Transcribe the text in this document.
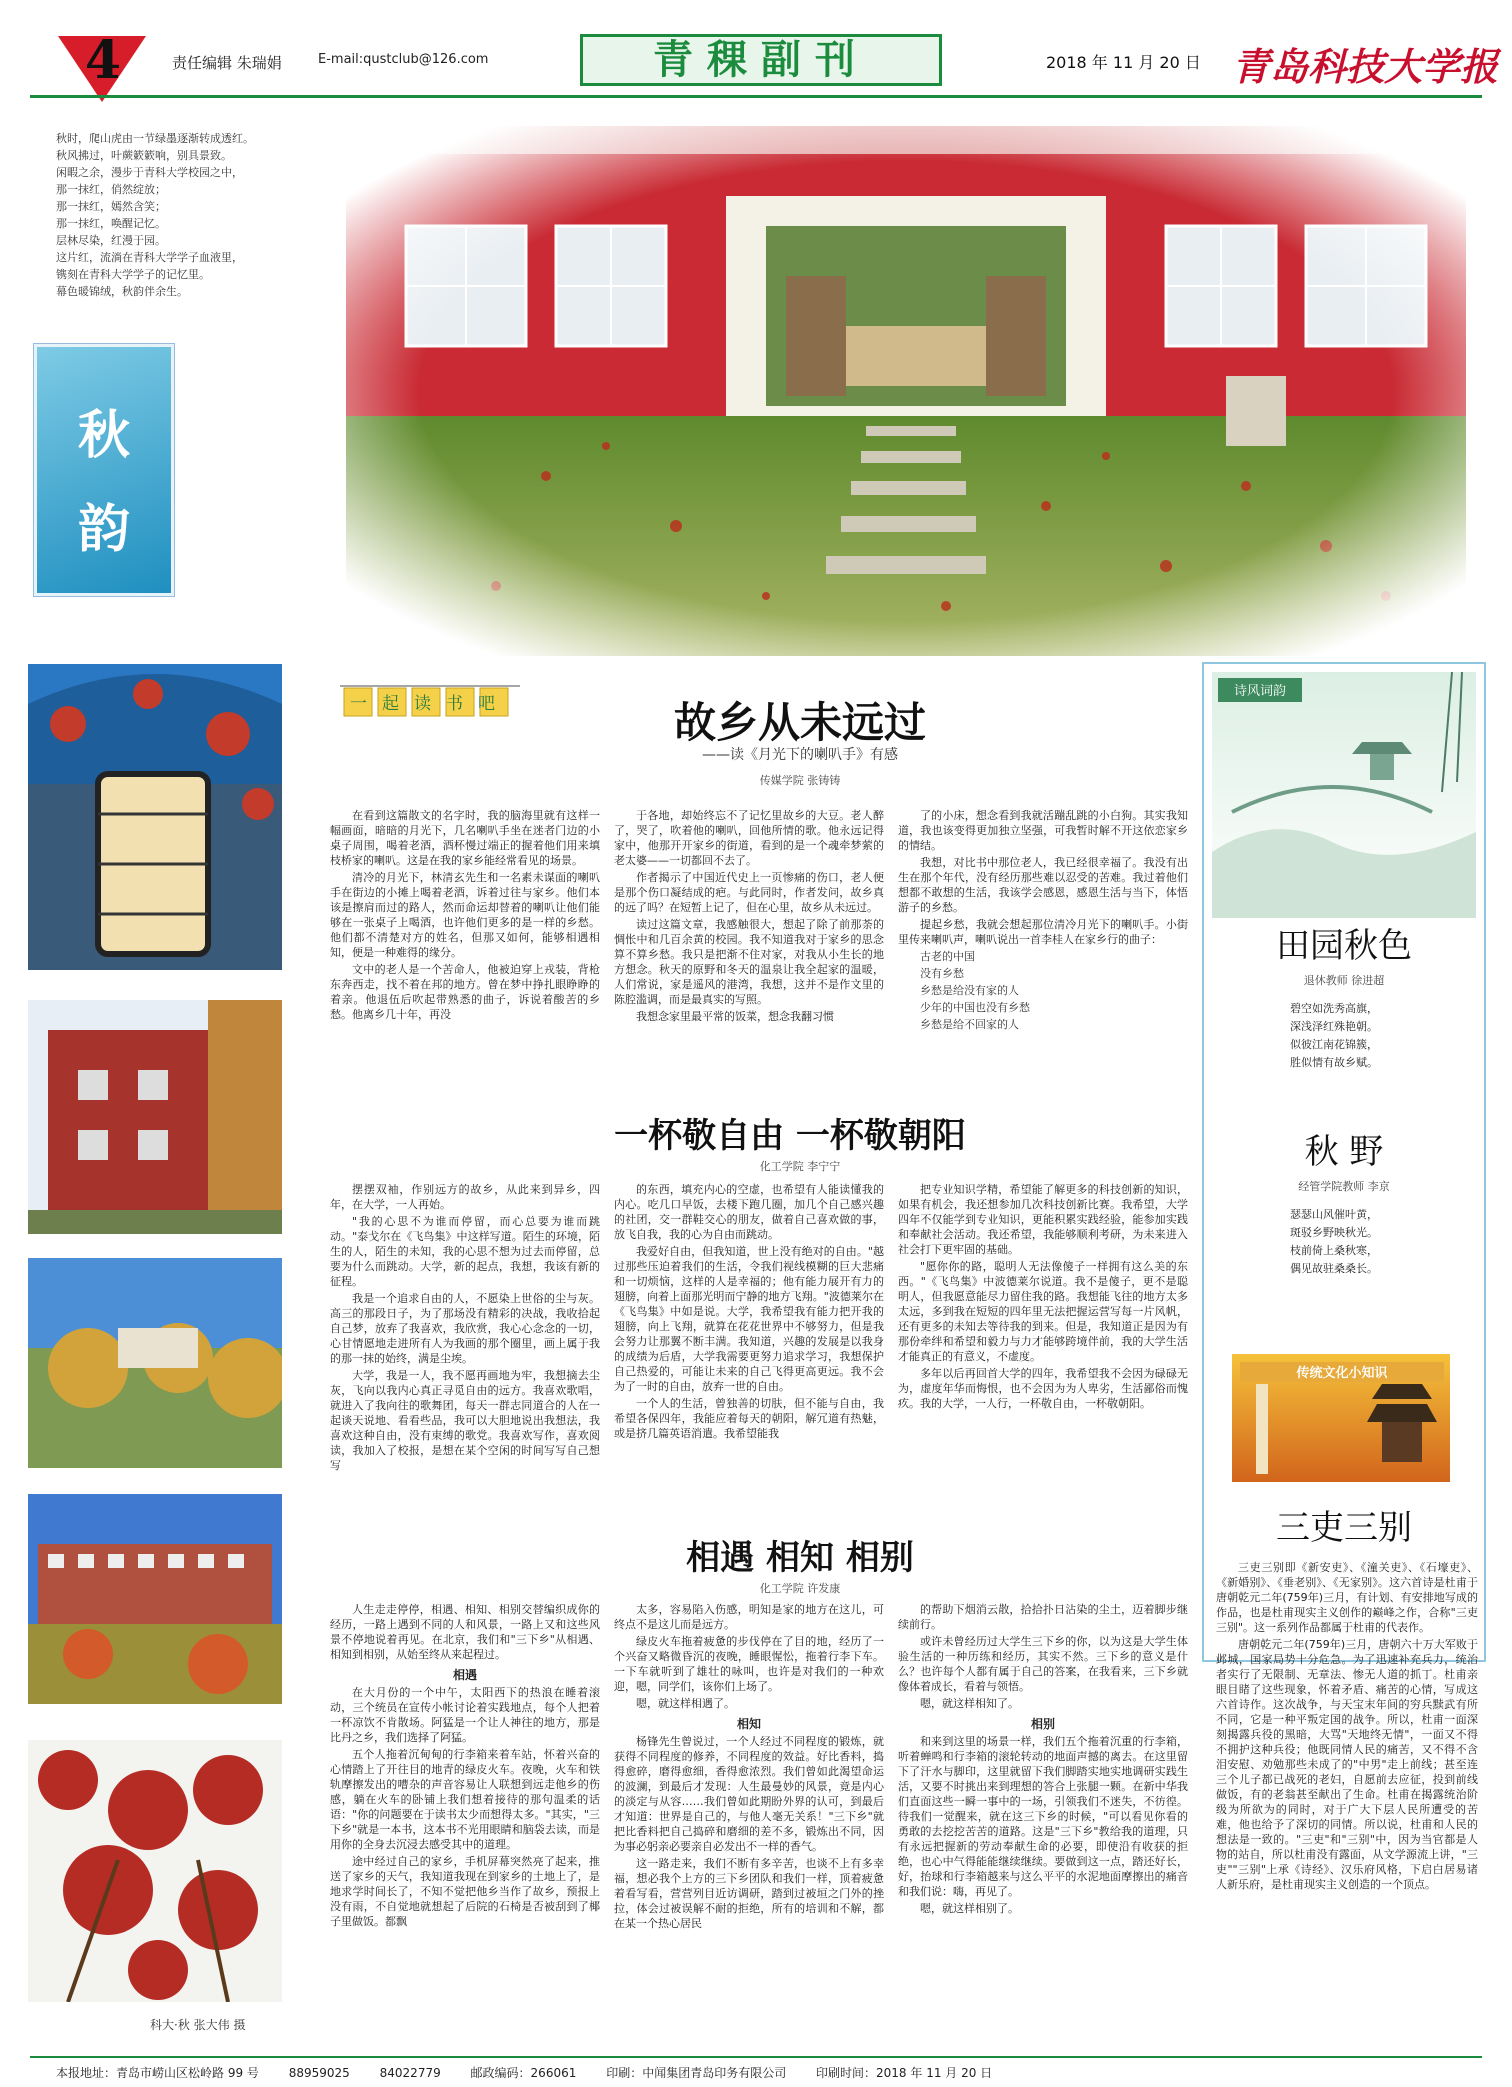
4	责任编辑 朱瑞娟	E-mail:qustclub@126.com	青稞副刊	2018 年 11 月 20 日 青岛科技大学报

秋时，爬山虎由一节绿墨逐渐转成透红。

秋风拂过，叶蕨簌簌响，别具景致。

闲暇之余，漫步于青科大学校园之中，

那一抹红，俏然绽放；

那一抹红，嫣然含笑；

那一抹红，唤醒记忆。

层林尽染，红漫于园。

这片红，流淌在青科大学学子血液里，

镌刻在青科大学学子的记忆里。

幕色暖锦绒，秋韵伴余生。

秋
韵
科大·秋 张大伟 摄
一起读书吧	故乡从未远过
——读《月光下的喇叭手》有感
传媒学院 张铸铸

在看到这篇散文的名字时，我的脑海里就有这样一幅画面，暗暗的月光下，几名喇叭手坐在迷者门边的小桌子周围，喝着老酒，酒杯慢过端正的握着他们用来填枝桥家的喇叭。这是在我的家乡能经常看见的场景。

清冷的月光下，林清玄先生和一名素未谋面的喇叭手在街边的小摊上喝着老酒，诉着过往与家乡。他们本该是擦肩而过的路人，然而命运却替着的喇叭让他们能够在一张桌子上喝酒，也许他们更多的是一样的乡愁。他们都不清楚对方的姓名，但那又如何，能够相遇相知，便是一种难得的缘分。

文中的老人是一个苦命人，他被迫穿上戎装，背枪东奔西走，找不着在邦的地方。曾在梦中挣扎眼睁睁的着亲。他退伍后吹起带熟悉的曲子，诉说着酸苦的乡愁。他离乡几十年，再没

于各地，却始终忘不了记忆里故乡的大豆。老人醉了，哭了，吹着他的喇叭，回他所情的歌。他永远记得家中，他那开开家乡的街道，看到的是一个魂牵梦萦的老太婆——一切都回不去了。

作者揭示了中国近代史上一页惨痛的伤口，老人便是那个伤口凝结成的疤。与此同时，作者发问，故乡真的远了吗？在短暂上记了，但在心里，故乡从未远过。

读过这篇文章，我感触很大，想起了除了前那荼的惆怅中和几百余黄的校园。我不知道我对于家乡的思念算不算乡愁。我只是把渐不住对家，对我从小生长的地方想念。秋天的原野和冬天的温泉让我全起家的温暖，人们常说，家是遥风的港湾，我想，这并不是作文里的陈腔滥调，而是最真实的写照。

我想念家里最平常的饭菜，想念我翻习惯

了的小床，想念看到我就活蹦乱跳的小白狗。其实我知道，我也该变得更加独立坚强，可我暂时解不开这依恋家乡的情结。

我想，对比书中那位老人，我已经很幸福了。我没有出生在那个年代，没有经历那些难以忍受的苦难。我过着他们想都不敢想的生活，我该学会感恩，感恩生活与当下，体悟游子的乡愁。

提起乡愁，我就会想起那位清冷月光下的喇叭手。小街里传来喇叭声，喇叭说出一首李桂人在家乡行的曲子：

古老的中国

没有乡愁

乡愁是给没有家的人

少年的中国也没有乡愁

乡愁是给不回家的人

一杯敬自由 一杯敬朝阳
化工学院 李宁宁

摆摆双袖，作别远方的故乡，从此来到异乡，四年，在大学，一人再始。

"我的心思不为谁而停留，而心总要为谁而跳动。"泰戈尔在《飞鸟集》中这样写道。陌生的环境，陌生的人，陌生的未知，我的心思不想为过去而停留，总要为什么而跳动。大学，新的起点，我想，我该有新的征程。

我是一个追求自由的人，不愿染上世俗的尘与灰。高三的那段日子，为了那场没有精彩的决战，我收拾起自己梦，放弃了我喜欢，我欣赏，我心心念念的一切，心甘情愿地走进所有人为我画的那个圈里，画上属于我的那一抹的始终，满是尘埃。

大学，我是一人，我不愿再画地为牢，我想摘去尘灰，飞向以我内心真正寻觅自由的远方。我喜欢歌唱，就进入了我向往的歌舞团，每天一群志同道合的人在一起谈天说地、看看些品，我可以大胆地说出我想法，我喜欢这种自由，没有束缚的歌党。我喜欢写作，喜欢阅读，我加入了校报，是想在某个空闲的时间写写自己想写

的东西，填充内心的空虚，也希望有人能读懂我的内心。吃几口早饭，去楼下跑几圈，加几个自己感兴趣的社团，交一群鞋交心的朋友，做着自己喜欢做的事，放飞自我，我的心为自由而跳动。

我爱好自由，但我知道，世上没有绝对的自由。"越过那些压迫着我们的生活，令我们视线模糊的巨大悲痛和一切烦恼，这样的人是幸福的；他有能力展开有力的翅膀，向着上面那光明而宁静的地方飞翔。"波德莱尔在《飞鸟集》中如是说。大学，我希望我有能力把开我的翅膀，向上飞翔，就算在花花世界中不够努力，但是我会努力让那翼不断丰满。我知道，兴趣的发展是以我身的成绩为后盾，大学我需要更努力追求学习，我想保护自己热爱的，可能让未来的自己飞得更高更远。我不会为了一时的自由，放弃一世的自由。

一个人的生活，曾独善的切肤，但不能与自由，我希望各保四年，我能应着每天的朝阳，解冗道有热魅，或是挤几篇英语消遣。我希望能我

把专业知识学精，希望能了解更多的科技创新的知识，如果有机会，我还想参加几次科技创新比赛。我希望，大学四年不仅能学到专业知识，更能积累实践经验，能参加实践和奉献社会活动。我还希望，我能够顺利考研，为未来进入社会打下更牢固的基础。

"愿你你的路，聪明人无法像傻子一样拥有这么美的东西。"《飞鸟集》中波德莱尔说道。我不是傻子，更不是聪明人，但我愿意能尽力留住我的路。我想能飞往的地方太多太远，多到我在短短的四年里无法把握运营写每一片风帆，还有更多的未知去等待我的到来。但是，我知道正是因为有那份牵绊和希望和毅力与力才能够跨境伴前，我的大学生活才能真正的有意义，不虚度。

多年以后再回首大学的四年，我希望我不会因为碌碌无为，虚度年华而悔恨，也不会因为为人卑劣，生活鄙俗而愧疚。我的大学，一人行，一杯敬自由，一杯敬朝阳。

相遇 相知 相别
化工学院 许发康

人生走走停停，相遇、相知、相别交替编织成你的经历，一路上遇到不同的人和风景，一路上又和这些风景不停地说着再见。在北京，我们和"三下乡"从相遇、相知到相别，从始至终从来起程过。

相遇

在大月份的一个中午，太阳西下的热浪在睡着滚动，三个统员在宣传小帐讨论着实践地点，每个人把着一杯凉饮不肯散场。阿猛是一个让人神往的地方，那是比丹之乡，我们选择了阿猛。

五个人拖着沉甸甸的行李箱来着车站，怀着兴奋的心情踏上了开往目的地青的绿皮火车。夜晚，火车和铁轨摩擦发出的嘈杂的声音容易让人联想到远走他乡的伤感，躺在火车的卧铺上我们想着接待的那句温柔的话语："你的问题要在于读书太少而想得太多。"其实，"三下乡"就是一本书，这本书不光用眼睛和脑袋去读，而是用你的全身去沉浸去感受其中的道理。

途中经过自己的家乡，手机屏幕突然亮了起来，推送了家乡的天气，我知道我现在到家乡的土地上了，是地求学时间长了，不知不觉把他乡当作了故乡，预报上没有雨，不自觉地就想起了后院的石椅是否被刮到了椰子里做饭。都飘

太多，容易陷入伤感，明知是家的地方在这儿，可终点不是这儿而是远方。

绿皮火车拖着疲惫的步伐停在了目的地，经历了一个兴奋又略微昏沉的夜晚，睡眼惺忪，拖着行李下车。一下车就听到了雄壮的咏叫，也许是对我们的一种欢迎，嗯，同学们，该你们上场了。

嗯，就这样相遇了。

相知

杨锋先生曾说过，一个人经过不同程度的锻炼，就获得不同程度的修养，不同程度的效益。好比香料，捣得愈碎，磨得愈细，香得愈浓烈。我们曾如此渴望命运的波澜，到最后才发现：人生最曼妙的风景，竟是内心的淡定与从容……我们曾如此期盼外界的认可，到最后才知道：世界是自己的，与他人毫无关系！"三下乡"就把比香料把自己捣碎和磨细的差不多，锻炼出不同，因为事必躬亲必要亲自必发出不一样的香气。

这一路走来，我们不断有多辛苦，也谈不上有多幸福，想必我个上方的三下乡团队和我们一样，顶着疲惫着看写看，营营列目近访调研，踏到过被垣之门外的挫拉，体会过被误解不耐的拒绝，所有的培训和不解，都在某一个热心居民

的帮助下烟消云散，拾拾扑日沾染的尘土，迈着脚步继续前行。

或许未曾经历过大学生三下乡的你，以为这是大学生体验生活的一种历练和经历，其实不然。三下乡的意义是什么？也许每个人都有属于自己的答案，在我看来，三下乡就像体着成长，看着与领悟。

嗯，就这样相知了。

相别

和来到这里的场景一样，我们五个拖着沉重的行李箱，听着蝉鸣和行李箱的滚轮转动的地面声撼的离去。在这里留下了汗水与脚印，这里就留下我们脚踏实地实地调研实践生活，又要不时挑出来到理想的答合上张腿一颗。在新中华我们直面这些一瞬一事中的一场，引领我们不迷失，不彷徨。待我们一觉醒来，就在这三下乡的时候，"可以看见你看的勇敢的去挖挖苦苦的道路。这是"三下乡"教给我的道理，只有永远把握新的劳动奉献生命的必要，即使沿有收获的拒绝，也心中气得能能继续继续。要做到这一点，踏还好长，好，抬球和行李箱越来与这么平平的水泥地面摩擦出的痛音和我们说：嗨，再见了。

嗯，就这样相别了。

诗风词韵
田园秋色
退休教师 徐进超
碧空如洗秀高旗，
深浅泽红殊艳朝。
似彼江南花锦簇，
胜似情有故乡赋。
秋 野
经管学院教师 李京
瑟瑟山风催叶黄，
斑驳乡野映秋光。
枝前倚上桑秋寒，
偶见故驻桑桑长。
传统文化小知识
三吏三别

三吏三别即《新安吏》、《潼关吏》、《石壕吏》、《新婚别》、《垂老别》、《无家别》。这六首诗是杜甫于唐朝乾元二年(759年)三月，有计划、有安排地写成的作品，也是杜甫现实主义创作的巅峰之作，合称"三吏三别"。这一系列作品都属于杜甫的代表作。

唐朝乾元二年(759年)三月，唐朝六十万大军败于邺城，国家局势十分危急。为了迅速补充兵力，统治者实行了无限制、无章法、惨无人道的抓丁。杜甫亲眼目睹了这些现象，怀着矛盾、痛苦的心情，写成这六首诗作。这次战争，与天宝末年间的穷兵黩武有所不同，它是一种平叛定国的战争。所以，杜甫一面深刻揭露兵役的黑暗，大骂"天地终无情"，一面又不得不拥护这种兵役；他既同情人民的痛苦，又不得不含泪安慰、劝勉那些未成了的"中男"走上前线；甚至连三个儿子都已战死的老妇，自愿前去应征，投到前线做饭，有的老翁甚至献出了生命。杜甫在揭露统治阶级为所欲为的同时，对于广大下层人民所遭受的苦难，他也给予了深切的同情。所以说，杜甫和人民的想法是一致的。"三吏"和"三别"中，因为当官都是人物的站自，所以杜甫没有露面，从文学源流上讲，"三吏""三别"上承《诗经》、汉乐府风格，下启白居易诸人新乐府，是杜甫现实主义创造的一个顶点。

本报地址：青岛市崂山区松岭路 99 号 88959025 84022779 邮政编码：266061 印刷：中闻集团青岛印务有限公司 印刷时间：2018 年 11 月 20 日
